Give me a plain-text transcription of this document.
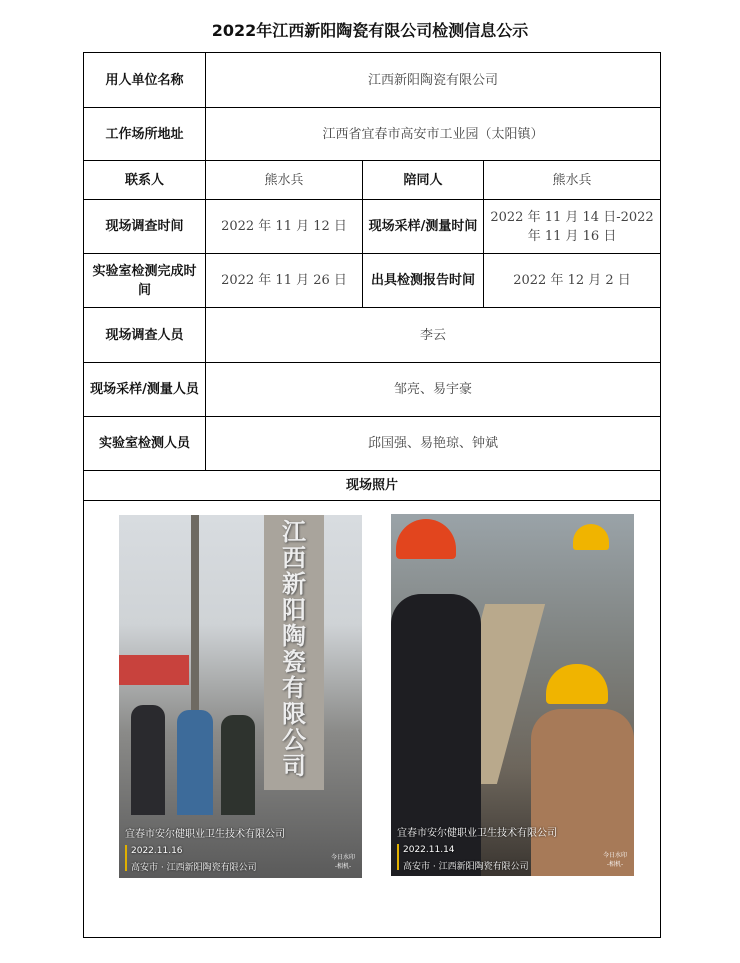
2022年江西新阳陶瓷有限公司检测信息公示
用人单位名称	江西新阳陶瓷有限公司		
工作场所地址	江西省宜春市高安市工业园（太阳镇）		
联系人	熊水兵	陪同人	熊水兵
现场调查时间	2022 年 11 月 12 日	现场采样/测量时间	2022 年 11 月 14 日-2022 年 11 月 16 日
实验室检测完成时间	2022 年 11 月 26 日	出具检测报告时间	2022 年 12 月 2 日
现场调查人员	李云		
现场采样/测量人员	邹亮、易宇豪		
实验室检测人员	邱国强、易艳琼、钟斌		
现场照片			

江西新阳陶瓷有限公司
宜春市安尔健职业卫生技术有限公司
2022.11.16
高安市 · 江西新阳陶瓷有限公司
今日水印 -相机-
宜春市安尔健职业卫生技术有限公司
2022.11.14
高安市 · 江西新阳陶瓷有限公司
今日水印 -相机-
